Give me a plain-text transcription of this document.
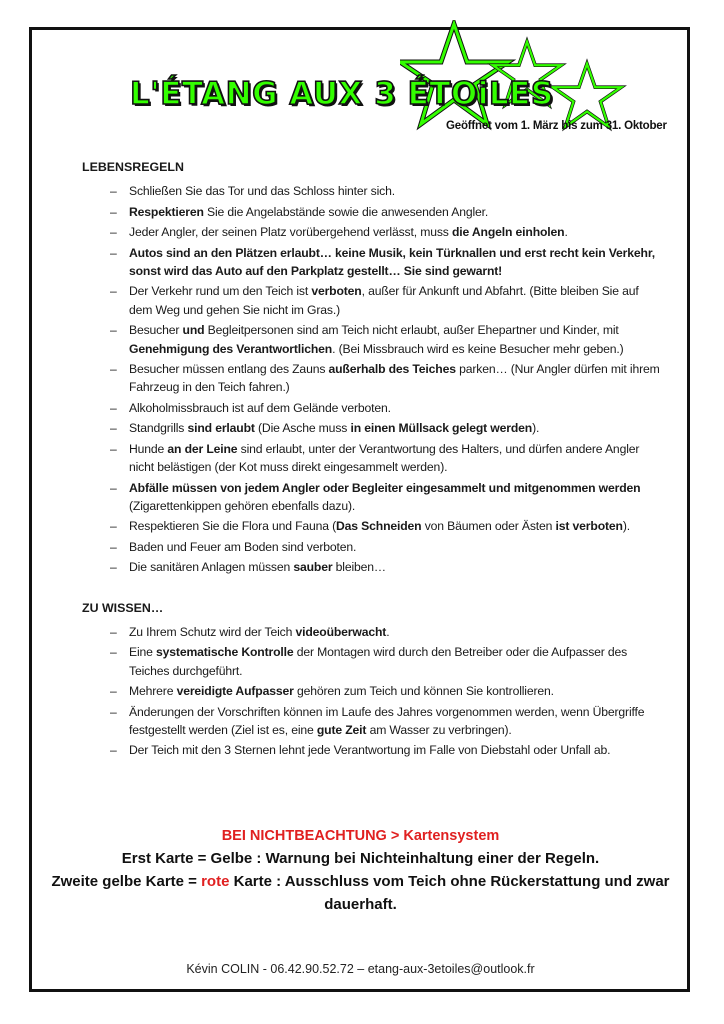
L'ÉTANG AUX 3 ÉTOiLES
Geöffnet vom 1. März bis zum 31. Oktober

LEBENSREGELN

– Schließen Sie das Tor und das Schloss hinter sich.
– Respektieren Sie die Angelabstände sowie die anwesenden Angler.
– Jeder Angler, der seinen Platz vorübergehend verlässt, muss die Angeln einholen.
– Autos sind an den Plätzen erlaubt… keine Musik, kein Türknallen und erst recht kein Verkehr, sonst wird das Auto auf den Parkplatz gestellt… Sie sind gewarnt!
– Der Verkehr rund um den Teich ist verboten, außer für Ankunft und Abfahrt. (Bitte bleiben Sie auf dem Weg und gehen Sie nicht im Gras.)
– Besucher und Begleitpersonen sind am Teich nicht erlaubt, außer Ehepartner und Kinder, mit Genehmigung des Verantwortlichen. (Bei Missbrauch wird es keine Besucher mehr geben.)
– Besucher müssen entlang des Zauns außerhalb des Teiches parken… (Nur Angler dürfen mit ihrem Fahrzeug in den Teich fahren.)
– Alkoholmissbrauch ist auf dem Gelände verboten.
– Standgrills sind erlaubt (Die Asche muss in einen Müllsack gelegt werden).
– Hunde an der Leine sind erlaubt, unter der Verantwortung des Halters, und dürfen andere Angler nicht belästigen (der Kot muss direkt eingesammelt werden).
– Abfälle müssen von jedem Angler oder Begleiter eingesammelt und mitgenommen werden (Zigarettenkippen gehören ebenfalls dazu).
– Respektieren Sie die Flora und Fauna (Das Schneiden von Bäumen oder Ästen ist verboten).
– Baden und Feuer am Boden sind verboten.
– Die sanitären Anlagen müssen sauber bleiben…

ZU WISSEN…

– Zu Ihrem Schutz wird der Teich videoüberwacht.
– Eine systematische Kontrolle der Montagen wird durch den Betreiber oder die Aufpasser des Teiches durchgeführt.
– Mehrere vereidigte Aufpasser gehören zum Teich und können Sie kontrollieren.
– Änderungen der Vorschriften können im Laufe des Jahres vorgenommen werden, wenn Übergriffe festgestellt werden (Ziel ist es, eine gute Zeit am Wasser zu verbringen).
– Der Teich mit den 3 Sternen lehnt jede Verantwortung im Falle von Diebstahl oder Unfall ab.
BEI NICHTBEACHTUNG > Kartensystem
Erst Karte = Gelbe : Warnung bei Nichteinhaltung einer der Regeln.
Zweite gelbe Karte = rote Karte : Ausschluss vom Teich ohne Rückerstattung und zwar dauerhaft.
Kévin COLIN - 06.42.90.52.72 – etang-aux-3etoiles@outlook.fr
